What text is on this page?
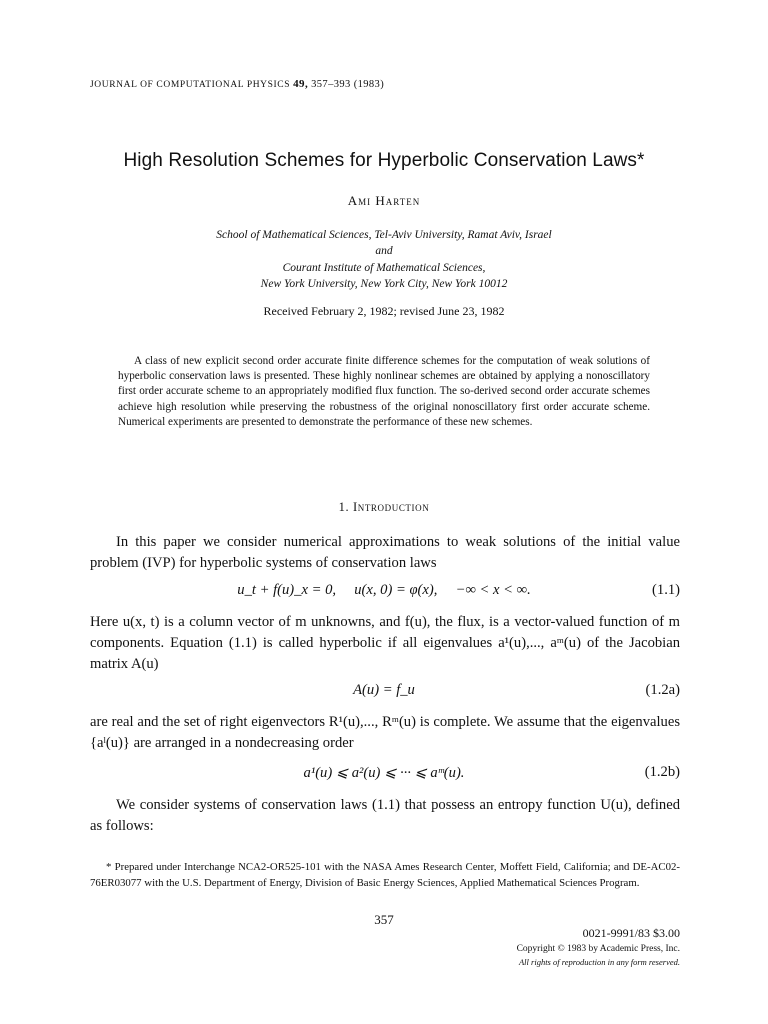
JOURNAL OF COMPUTATIONAL PHYSICS 49, 357–393 (1983)
High Resolution Schemes for Hyperbolic Conservation Laws*
Ami Harten
School of Mathematical Sciences, Tel-Aviv University, Ramat Aviv, Israel
and
Courant Institute of Mathematical Sciences,
New York University, New York City, New York 10012
Received February 2, 1982; revised June 23, 1982
A class of new explicit second order accurate finite difference schemes for the computation of weak solutions of hyperbolic conservation laws is presented. These highly nonlinear schemes are obtained by applying a nonoscillatory first order accurate scheme to an appropriately modified flux function. The so-derived second order accurate schemes achieve high resolution while preserving the robustness of the original nonoscillatory first order accurate scheme. Numerical experiments are presented to demonstrate the performance of these new schemes.
1. Introduction
In this paper we consider numerical approximations to weak solutions of the initial value problem (IVP) for hyperbolic systems of conservation laws
u_t + f(u)_x = 0,     u(x, 0) = φ(x),     −∞ < x < ∞.	(1.1)
Here u(x, t) is a column vector of m unknowns, and f(u), the flux, is a vector-valued function of m components. Equation (1.1) is called hyperbolic if all eigenvalues a¹(u),..., aᵐ(u) of the Jacobian matrix A(u)
A(u) = f_u	(1.2a)
are real and the set of right eigenvectors R¹(u),..., Rᵐ(u) is complete. We assume that the eigenvalues {aˡ(u)} are arranged in a nondecreasing order
a¹(u) ⩽ a²(u) ⩽ ··· ⩽ aᵐ(u).	(1.2b)
We consider systems of conservation laws (1.1) that possess an entropy function U(u), defined as follows:
* Prepared under Interchange NCA2-OR525-101 with the NASA Ames Research Center, Moffett Field, California; and DE-AC02-76ER03077 with the U.S. Department of Energy, Division of Basic Energy Sciences, Applied Mathematical Sciences Program.
357
0021-9991/83 $3.00
Copyright © 1983 by Academic Press, Inc.
All rights of reproduction in any form reserved.
